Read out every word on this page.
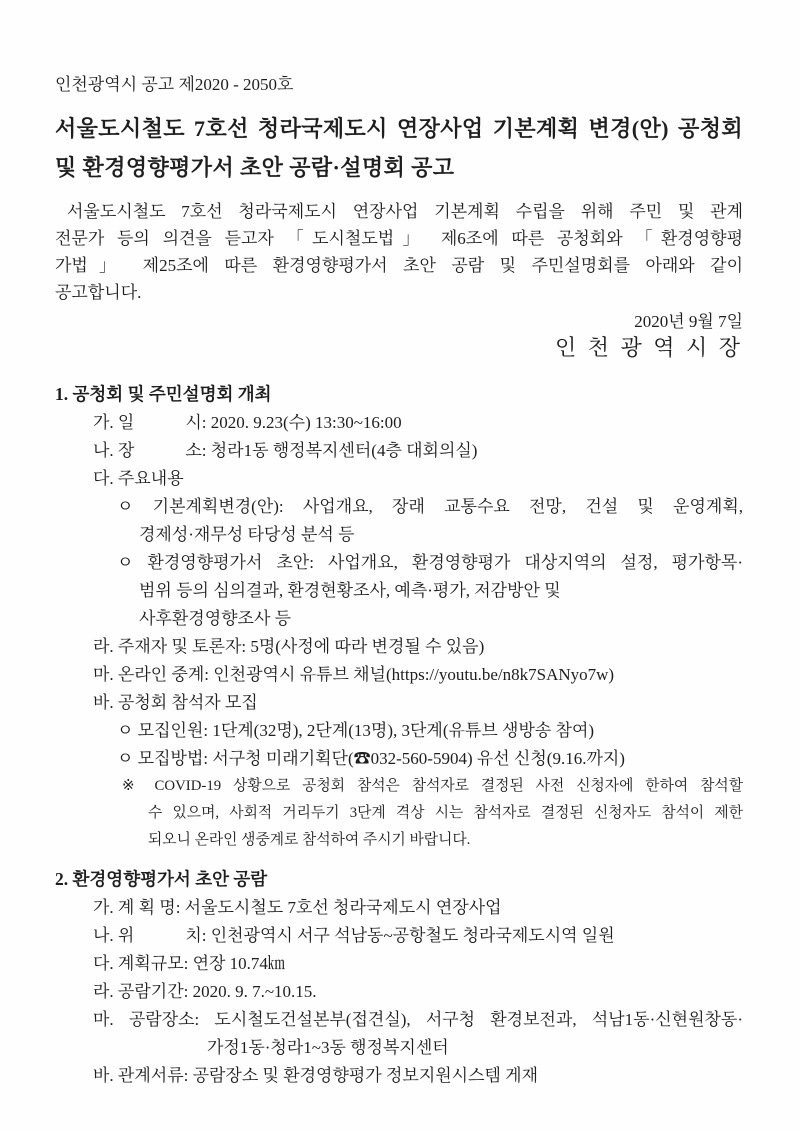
인천광역시 공고 제2020 - 2050호
서울도시철도 7호선 청라국제도시 연장사업 기본계획 변경(안) 공청회
및 환경영향평가서 초안 공람·설명회 공고
서울도시철도 7호선 청라국제도시 연장사업 기본계획 수립을 위해 주민 및 관계
전문가 등의 의견을 듣고자 「도시철도법」 제6조에 따른 공청회와 「환경영향평
가법」 제25조에 따른 환경영향평가서 초안 공람 및 주민설명회를 아래와 같이
공고합니다.
2020년 9월 7일
인 천 광 역 시 장
1. 공청회 및 주민설명회 개최
가. 일　　　시: 2020. 9.23(수) 13:30~16:00
나. 장　　　소: 청라1동 행정복지센터(4층 대회의실)
다. 주요내용
ㅇ 기본계획변경(안): 사업개요, 장래 교통수요 전망, 건설 및 운영계획,
경제성·재무성 타당성 분석 등
ㅇ 환경영향평가서 초안: 사업개요, 환경영향평가 대상지역의 설정, 평가항목·
범위 등의 심의결과, 환경현황조사, 예측·평가, 저감방안 및
사후환경영향조사 등
라. 주재자 및 토론자: 5명(사정에 따라 변경될 수 있음)
마. 온라인 중계: 인천광역시 유튜브 채널(https://youtu.be/n8k7SANyo7w)
바. 공청회 참석자 모집
ㅇ 모집인원: 1단계(32명), 2단계(13명), 3단계(유튜브 생방송 참여)
ㅇ 모집방법: 서구청 미래기획단(☎032-560-5904) 유선 신청(9.16.까지)
※ COVID-19 상황으로 공청회 참석은 참석자로 결정된 사전 신청자에 한하여 참석할
수 있으며, 사회적 거리두기 3단계 격상 시는 참석자로 결정된 신청자도 참석이 제한
되오니 온라인 생중계로 참석하여 주시기 바랍니다.
2. 환경영향평가서 초안 공람
가. 계 획 명: 서울도시철도 7호선 청라국제도시 연장사업
나. 위　　　치: 인천광역시 서구 석남동~공항철도 청라국제도시역 일원
다. 계획규모: 연장 10.74㎞
라. 공람기간: 2020. 9. 7.~10.15.
마. 공람장소: 도시철도건설본부(접견실), 서구청 환경보전과, 석남1동·신현원창동·
가정1동·청라1~3동 행정복지센터
바. 관계서류: 공람장소 및 환경영향평가 정보지원시스템 게재
